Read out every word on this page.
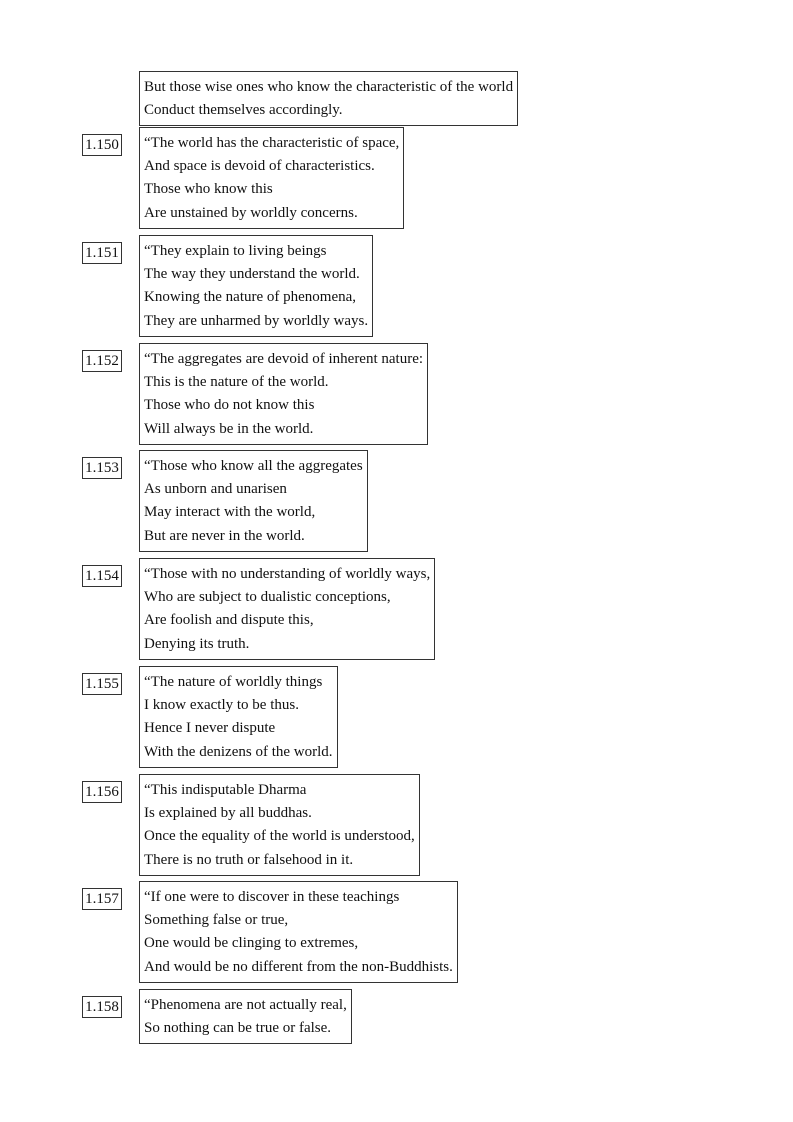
But those wise ones who know the characteristic of the world
Conduct themselves accordingly.
1.150 “The world has the characteristic of space,
And space is devoid of characteristics.
Those who know this
Are unstained by worldly concerns.
1.151 “They explain to living beings
The way they understand the world.
Knowing the nature of phenomena,
They are unharmed by worldly ways.
1.152 “The aggregates are devoid of inherent nature:
This is the nature of the world.
Those who do not know this
Will always be in the world.
1.153 “Those who know all the aggregates
As unborn and unarisen
May interact with the world,
But are never in the world.
1.154 “Those with no understanding of worldly ways,
Who are subject to dualistic conceptions,
Are foolish and dispute this,
Denying its truth.
1.155 “The nature of worldly things
I know exactly to be thus.
Hence I never dispute
With the denizens of the world.
1.156 “This indisputable Dharma
Is explained by all buddhas.
Once the equality of the world is understood,
There is no truth or falsehood in it.
1.157 “If one were to discover in these teachings
Something false or true,
One would be clinging to extremes,
And would be no different from the non-Buddhists.
1.158 “Phenomena are not actually real,
So nothing can be true or false.
